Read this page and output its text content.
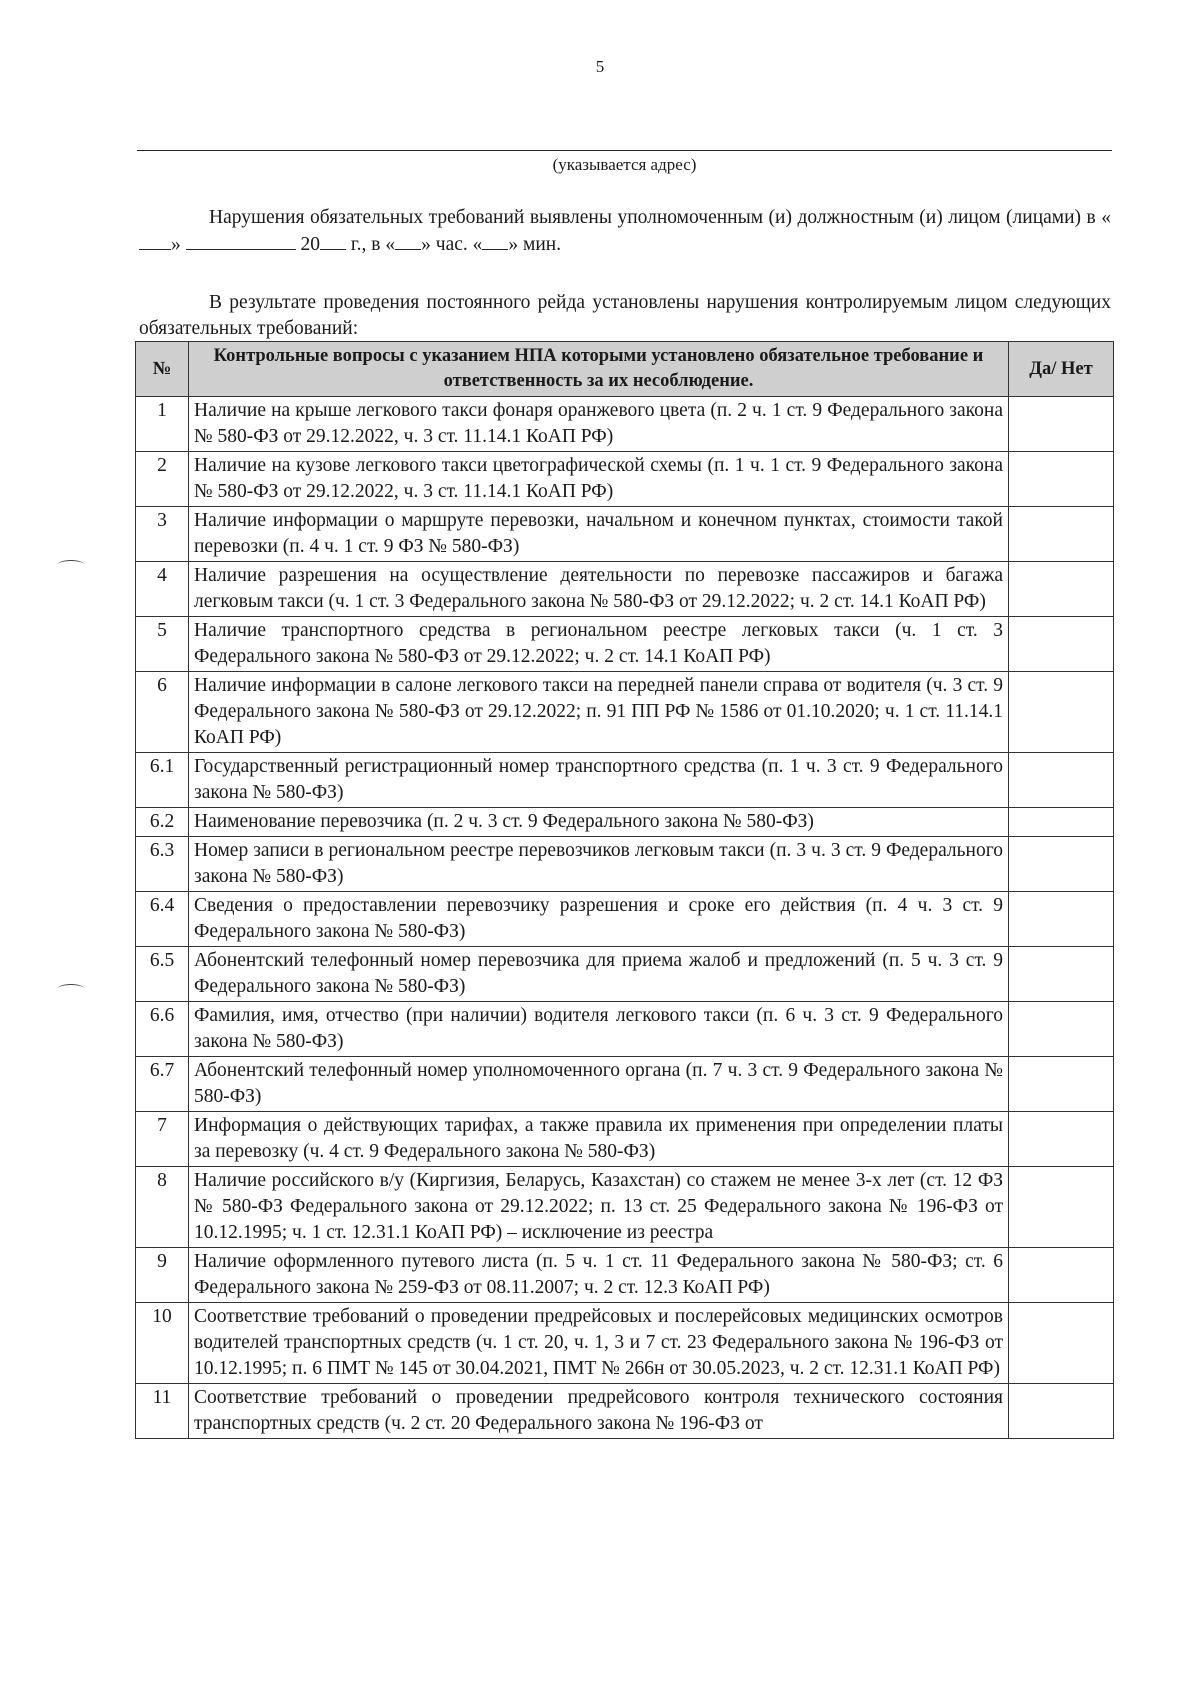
5
(указывается адрес)
Нарушения обязательных требований выявлены уполномоченным (и) должностным (и) лицом (лицами) в «»	20 г., в « » час. « » мин.
В результате проведения постоянного рейда установлены нарушения контролируемым лицом следующих обязательных требований:
№	Контрольные вопросы с указанием НПА которыми установлено обязательное требование и ответственность за их несоблюдение.	Да/ Нет
1	Наличие на крыше легкового такси фонаря оранжевого цвета (п. 2 ч. 1 ст. 9 Федерального закона № 580-ФЗ от 29.12.2022, ч. 3 ст. 11.14.1 КоАП РФ)	
2	Наличие на кузове легкового такси цветографической схемы (п. 1 ч. 1 ст. 9 Федерального закона № 580-ФЗ от 29.12.2022, ч. 3 ст. 11.14.1 КоАП РФ)	
3	Наличие информации о маршруте перевозки, начальном и конечном пунктах, стоимости такой перевозки (п. 4 ч. 1 ст. 9 ФЗ № 580-ФЗ)	
4	Наличие разрешения на осуществление деятельности по перевозке пассажиров и багажа легковым такси (ч. 1 ст. 3 Федерального закона № 580-ФЗ от 29.12.2022; ч. 2 ст. 14.1 КоАП РФ)	
5	Наличие транспортного средства в региональном реестре легковых такси (ч. 1 ст. 3 Федерального закона № 580-ФЗ от 29.12.2022; ч. 2 ст. 14.1 КоАП РФ)	
6	Наличие информации в салоне легкового такси на передней панели справа от водителя (ч. 3 ст. 9 Федерального закона № 580-ФЗ от 29.12.2022; п. 91 ПП РФ № 1586 от 01.10.2020; ч. 1 ст. 11.14.1 КоАП РФ)	
6.1	Государственный регистрационный номер транспортного средства (п. 1 ч. 3 ст. 9 Федерального закона № 580-ФЗ)	
6.2	Наименование перевозчика (п. 2 ч. 3 ст. 9 Федерального закона № 580-ФЗ)	
6.3	Номер записи в региональном реестре перевозчиков легковым такси (п. 3 ч. 3 ст. 9 Федерального закона № 580-ФЗ)	
6.4	Сведения о предоставлении перевозчику разрешения и сроке его действия (п. 4 ч. 3 ст. 9 Федерального закона № 580-ФЗ)	
6.5	Абонентский телефонный номер перевозчика для приема жалоб и предложений (п. 5 ч. 3 ст. 9 Федерального закона № 580-ФЗ)	
6.6	Фамилия, имя, отчество (при наличии) водителя легкового такси (п. 6 ч. 3 ст. 9 Федерального закона № 580-ФЗ)	
6.7	Абонентский телефонный номер уполномоченного органа (п. 7 ч. 3 ст. 9 Федерального закона № 580-ФЗ)	
7	Информация о действующих тарифах, а также правила их применения при определении платы за перевозку (ч. 4 ст. 9 Федерального закона № 580-ФЗ)	
8	Наличие российского в/у (Киргизия, Беларусь, Казахстан) со стажем не менее 3-х лет (ст. 12 ФЗ № 580-ФЗ Федерального закона от 29.12.2022; п. 13 ст. 25 Федерального закона № 196-ФЗ от 10.12.1995; ч. 1 ст. 12.31.1 КоАП РФ) – исключение из реестра	
9	Наличие оформленного путевого листа (п. 5 ч. 1 ст. 11 Федерального закона № 580-ФЗ; ст. 6 Федерального закона № 259-ФЗ от 08.11.2007; ч. 2 ст. 12.3 КоАП РФ)	
10	Соответствие требований о проведении предрейсовых и послерейсовых медицинских осмотров водителей транспортных средств (ч. 1 ст. 20, ч. 1, 3 и 7 ст. 23 Федерального закона № 196-ФЗ от 10.12.1995; п. 6 ПМТ № 145 от 30.04.2021, ПМТ № 266н от 30.05.2023, ч. 2 ст. 12.31.1 КоАП РФ)	
11	Соответствие требований о проведении предрейсового контроля технического состояния транспортных средств (ч. 2 ст. 20 Федерального закона № 196-ФЗ от	
